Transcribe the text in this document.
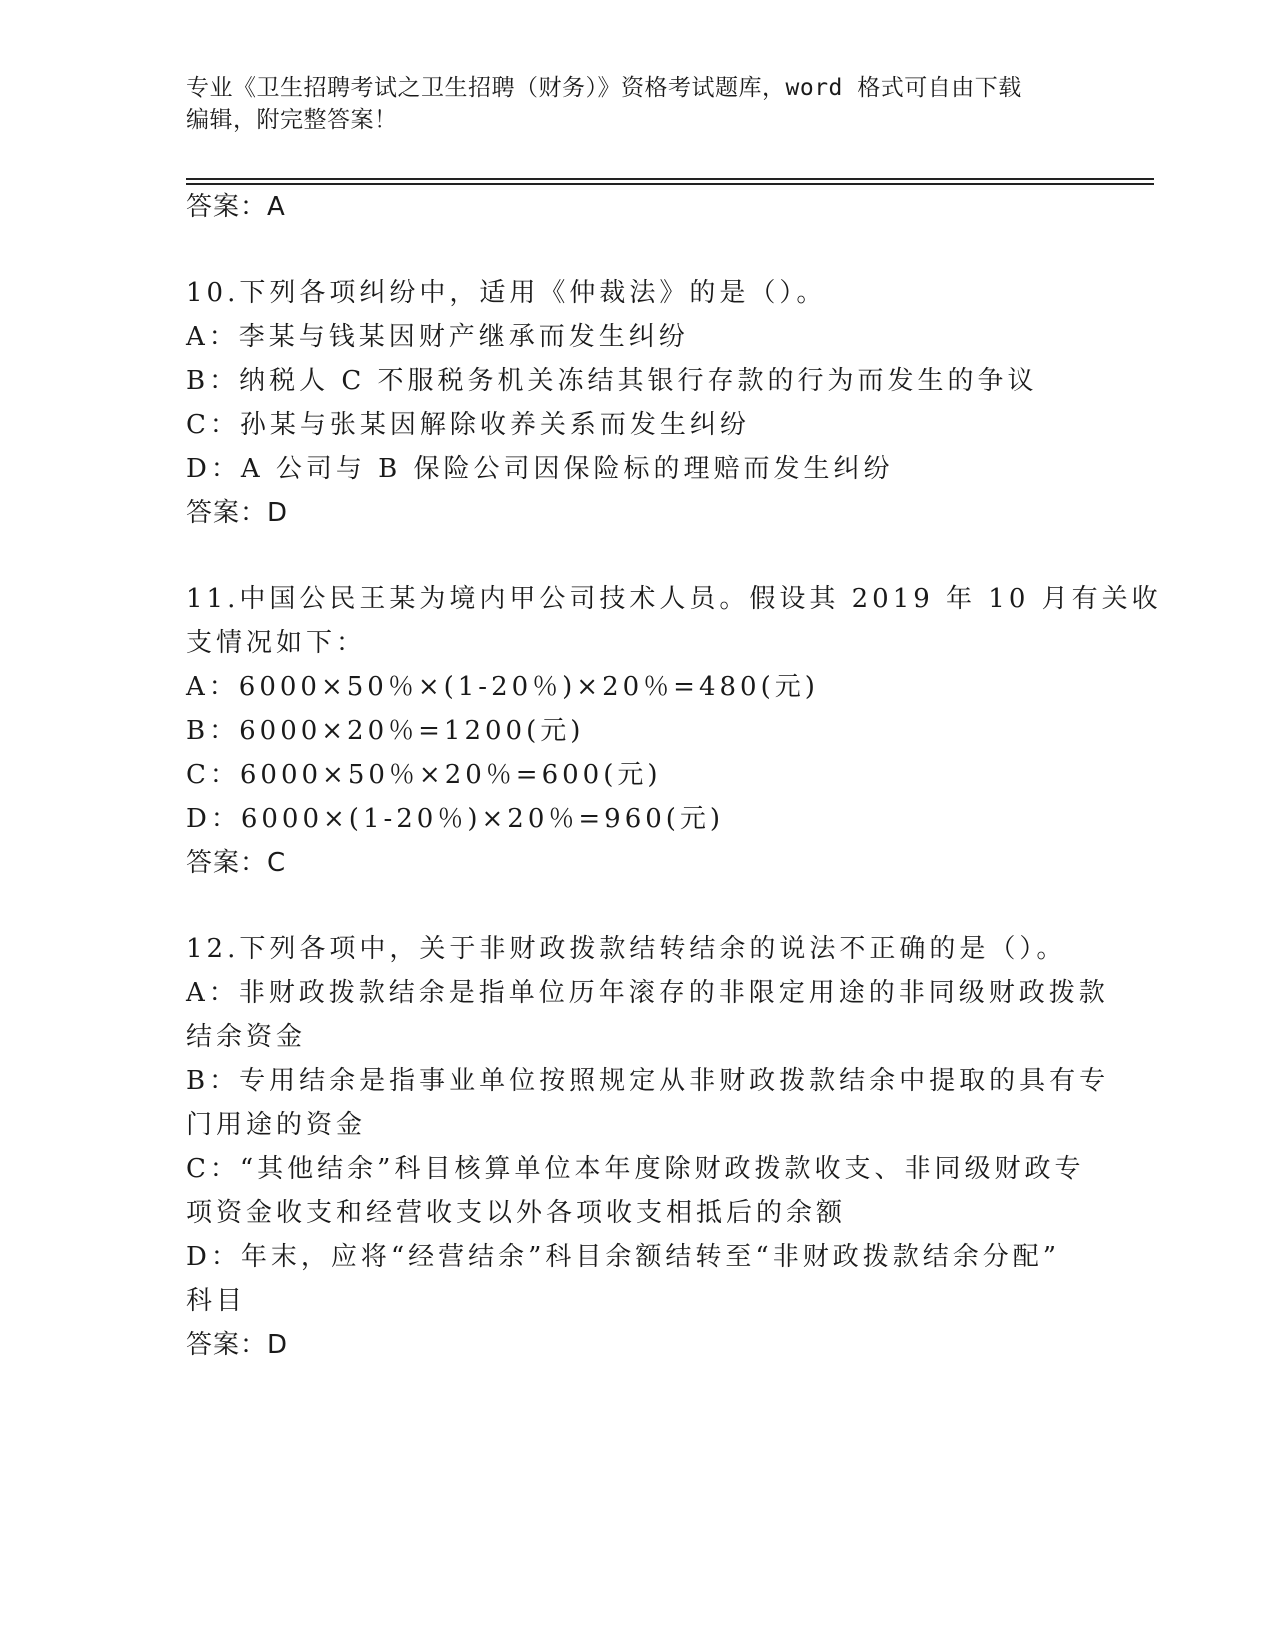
专业《卫生招聘考试之卫生招聘（财务）》资格考试题库，word 格式可自由下载
编辑，附完整答案！
答案：A
10.下列各项纠纷中，适用《仲裁法》的是（）。
A：李某与钱某因财产继承而发生纠纷
B：纳税人 C 不服税务机关冻结其银行存款的行为而发生的争议
C：孙某与张某因解除收养关系而发生纠纷
D：A 公司与 B 保险公司因保险标的理赔而发生纠纷
答案：D
11.中国公民王某为境内甲公司技术人员。假设其 2019 年 10 月有关收
支情况如下：
A：6000×50％×(1-20％)×20％=480(元)
B：6000×20％=1200(元)
C：6000×50％×20％=600(元)
D：6000×(1-20％)×20％=960(元)
答案：C
12.下列各项中，关于非财政拨款结转结余的说法不正确的是（）。
A：非财政拨款结余是指单位历年滚存的非限定用途的非同级财政拨款
结余资金
B：专用结余是指事业单位按照规定从非财政拨款结余中提取的具有专
门用途的资金
C：“其他结余”科目核算单位本年度除财政拨款收支、非同级财政专
项资金收支和经营收支以外各项收支相抵后的余额
D：年末，应将“经营结余”科目余额结转至“非财政拨款结余分配”
科目
答案：D
